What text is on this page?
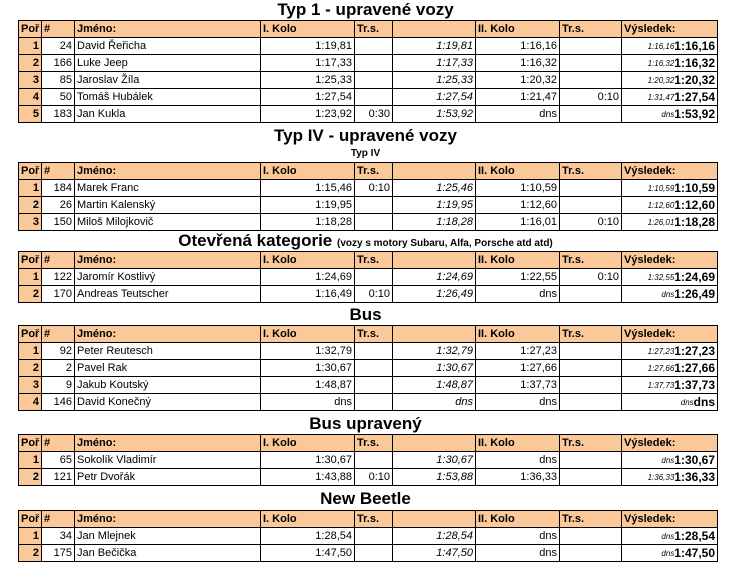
Typ 1 - upravené vozy
Poř	#	Jméno:	I. Kolo	Tr.s.		II. Kolo	Tr.s.	Výsledek:
1	24	David Řeřicha	1:19,81		1:19,81	1:16,16		1:16,16 1:16,16

2	166	Luke Jeep	1:17,33		1:17,33	1:16,32		1:16,32 1:16,32

3	85	Jaroslav Žíla	1:25,33		1:25,33	1:20,32		1:20,32 1:20,32

4	50	Tomáš Hubálek	1:27,54		1:27,54	1:21,47	0:10	1:31,47 1:27,54

5	183	Jan Kukla	1:23,92	0:30	1:53,92	dns		dns 1:53,92
Typ IV - upravené vozy
Typ IV
Poř	#	Jméno:	I. Kolo	Tr.s.		II. Kolo	Tr.s.	Výsledek:
1	184	Marek Franc	1:15,46	0:10	1:25,46	1:10,59		1:10,59 1:10,59

2	26	Martin Kalenský	1:19,95		1:19,95	1:12,60		1:12,60 1:12,60

3	150	Miloš Milojkovič	1:18,28		1:18,28	1:16,01	0:10	1:26,01 1:18,28
Otevřená kategorie (vozy s motory Subaru, Alfa, Porsche atd atd)
Poř	#	Jméno:	I. Kolo	Tr.s.		II. Kolo	Tr.s.	Výsledek:
1	122	Jaromír Kostlivý	1:24,69		1:24,69	1:22,55	0:10	1:32,55 1:24,69

2	170	Andreas Teutscher	1:16,49	0:10	1:26,49	dns		dns 1:26,49
Bus
Poř	#	Jméno:	I. Kolo	Tr.s.		II. Kolo	Tr.s.	Výsledek:
1	92	Peter Reutesch	1:32,79		1:32,79	1:27,23		1:27,23 1:27,23

2	2	Pavel Rak	1:30,67		1:30,67	1:27,66		1:27,66 1:27,66

3	9	Jakub Koutský	1:48,87		1:48,87	1:37,73		1:37,73 1:37,73

4	146	David Konečný	dns		dns	dns		dns dns
Bus upravený
Poř	#	Jméno:	I. Kolo	Tr.s.		II. Kolo	Tr.s.	Výsledek:
1	65	Sokolík Vladimír	1:30,67		1:30,67	dns		dns 1:30,67

2	121	Petr Dvořák	1:43,88	0:10	1:53,88	1:36,33		1:36,33 1:36,33
New Beetle
Poř	#	Jméno:	I. Kolo	Tr.s.		II. Kolo	Tr.s.	Výsledek:
1	34	Jan Mlejnek	1:28,54		1:28,54	dns		dns 1:28,54

2	175	Jan Bečička	1:47,50		1:47,50	dns		dns 1:47,50
